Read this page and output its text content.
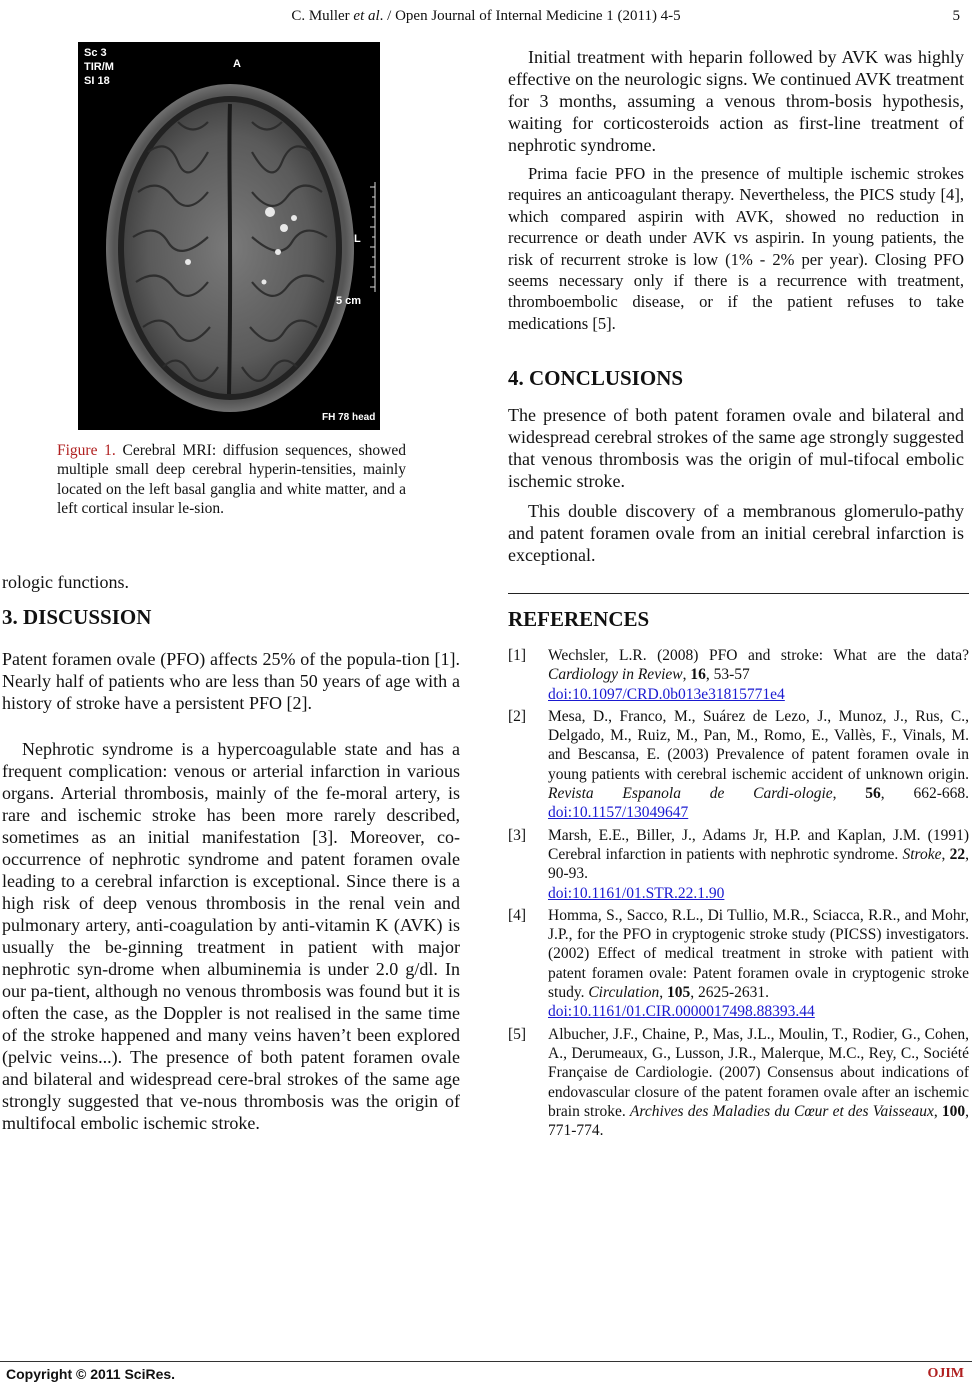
C. Muller et al. / Open Journal of Internal Medicine 1 (2011) 4-5	5
Sc 3
TIR/M
SI 18
A
L
5 cm
FH 78 head
Figure 1. Cerebral MRI: diffusion sequences, showed multiple small deep cerebral hyperin-tensities, mainly located on the left basal ganglia and white matter, and a left cortical insular le-sion.
rologic functions.
3. DISCUSSION
Patent foramen ovale (PFO) affects 25% of the popula-tion [1]. Nearly half of patients who are less than 50 years of age with a history of stroke have a persistent PFO [2].
Nephrotic syndrome is a hypercoagulable state and has a frequent complication: venous or arterial infarction in various organs. Arterial thrombosis, mainly of the fe-moral artery, is rare and ischemic stroke has been more rarely described, sometimes as an initial manifestation [3]. Moreover, co-occurrence of nephrotic syndrome and patent foramen ovale leading to a cerebral infarction is exceptional. Since there is a high risk of deep venous thrombosis in the renal vein and pulmonary artery, anti-coagulation by anti-vitamin K (AVK) is usually the be-ginning treatment in patient with major nephrotic syn-drome when albuminemia is under 2.0 g/dl. In our pa-tient, although no venous thrombosis was found but it is often the case, as the Doppler is not realised in the same time of the stroke happened and many veins haven’t been explored (pelvic veins...). The presence of both patent foramen ovale and bilateral and widespread cere-bral strokes of the same age strongly suggested that ve-nous thrombosis was the origin of multifocal embolic ischemic stroke.
Initial treatment with heparin followed by AVK was highly effective on the neurologic signs. We continued AVK treatment for 3 months, assuming a venous throm-bosis hypothesis, waiting for corticosteroids action as first-line treatment of nephrotic syndrome.
Prima facie PFO in the presence of multiple ischemic strokes requires an anticoagulant therapy. Nevertheless, the PICS study [4], which compared aspirin with AVK, showed no reduction in recurrence or death under AVK vs aspirin. In young patients, the risk of recurrent stroke is low (1% - 2% per year). Closing PFO seems necessary only if there is a recurrence with treatment, thromboembolic disease, or if the patient refuses to take medications [5].
4. CONCLUSIONS
The presence of both patent foramen ovale and bilateral and widespread cerebral strokes of the same age strongly suggested that venous thrombosis was the origin of mul-tifocal embolic ischemic stroke.
This double discovery of a membranous glomerulo-pathy and patent foramen ovale from an initial cerebral infarction is exceptional.
REFERENCES
[1] Wechsler, L.R. (2008) PFO and stroke: What are the data? Cardiology in Review, 16, 53-57
doi:10.1097/CRD.0b013e31815771e4
[2] Mesa, D., Franco, M., Suárez de Lezo, J., Munoz, J., Rus, C., Delgado, M., Ruiz, M., Pan, M., Romo, E., Vallès, F., Vinals, M. and Bescansa, E. (2003) Prevalence of patent foramen ovale in young patients with cerebral ischemic accident of unknown origin. Revista Espanola de Cardi-ologie, 56, 662-668. doi:10.1157/13049647
[3] Marsh, E.E., Biller, J., Adams Jr, H.P. and Kaplan, J.M. (1991) Cerebral infarction in patients with nephrotic syndrome. Stroke, 22, 90-93.
doi:10.1161/01.STR.22.1.90
[4] Homma, S., Sacco, R.L., Di Tullio, M.R., Sciacca, R.R., and Mohr, J.P., for the PFO in cryptogenic stroke study (PICSS) investigators. (2002) Effect of medical treatment in stroke with patient with patent foramen ovale: Patent foramen ovale in cryptogenic stroke study. Circulation, 105, 2625-2631.
doi:10.1161/01.CIR.0000017498.88393.44
[5] Albucher, J.F., Chaine, P., Mas, J.L., Moulin, T., Rodier, G., Cohen, A., Derumeaux, G., Lusson, J.R., Malerque, M.C., Rey, C., Société Française de Cardiologie. (2007) Consensus about indications of endovascular closure of the patent foramen ovale after an ischemic brain stroke. Archives des Maladies du Cœur et des Vaisseaux, 100, 771-774.
Copyright © 2011 SciRes.	OJIM
